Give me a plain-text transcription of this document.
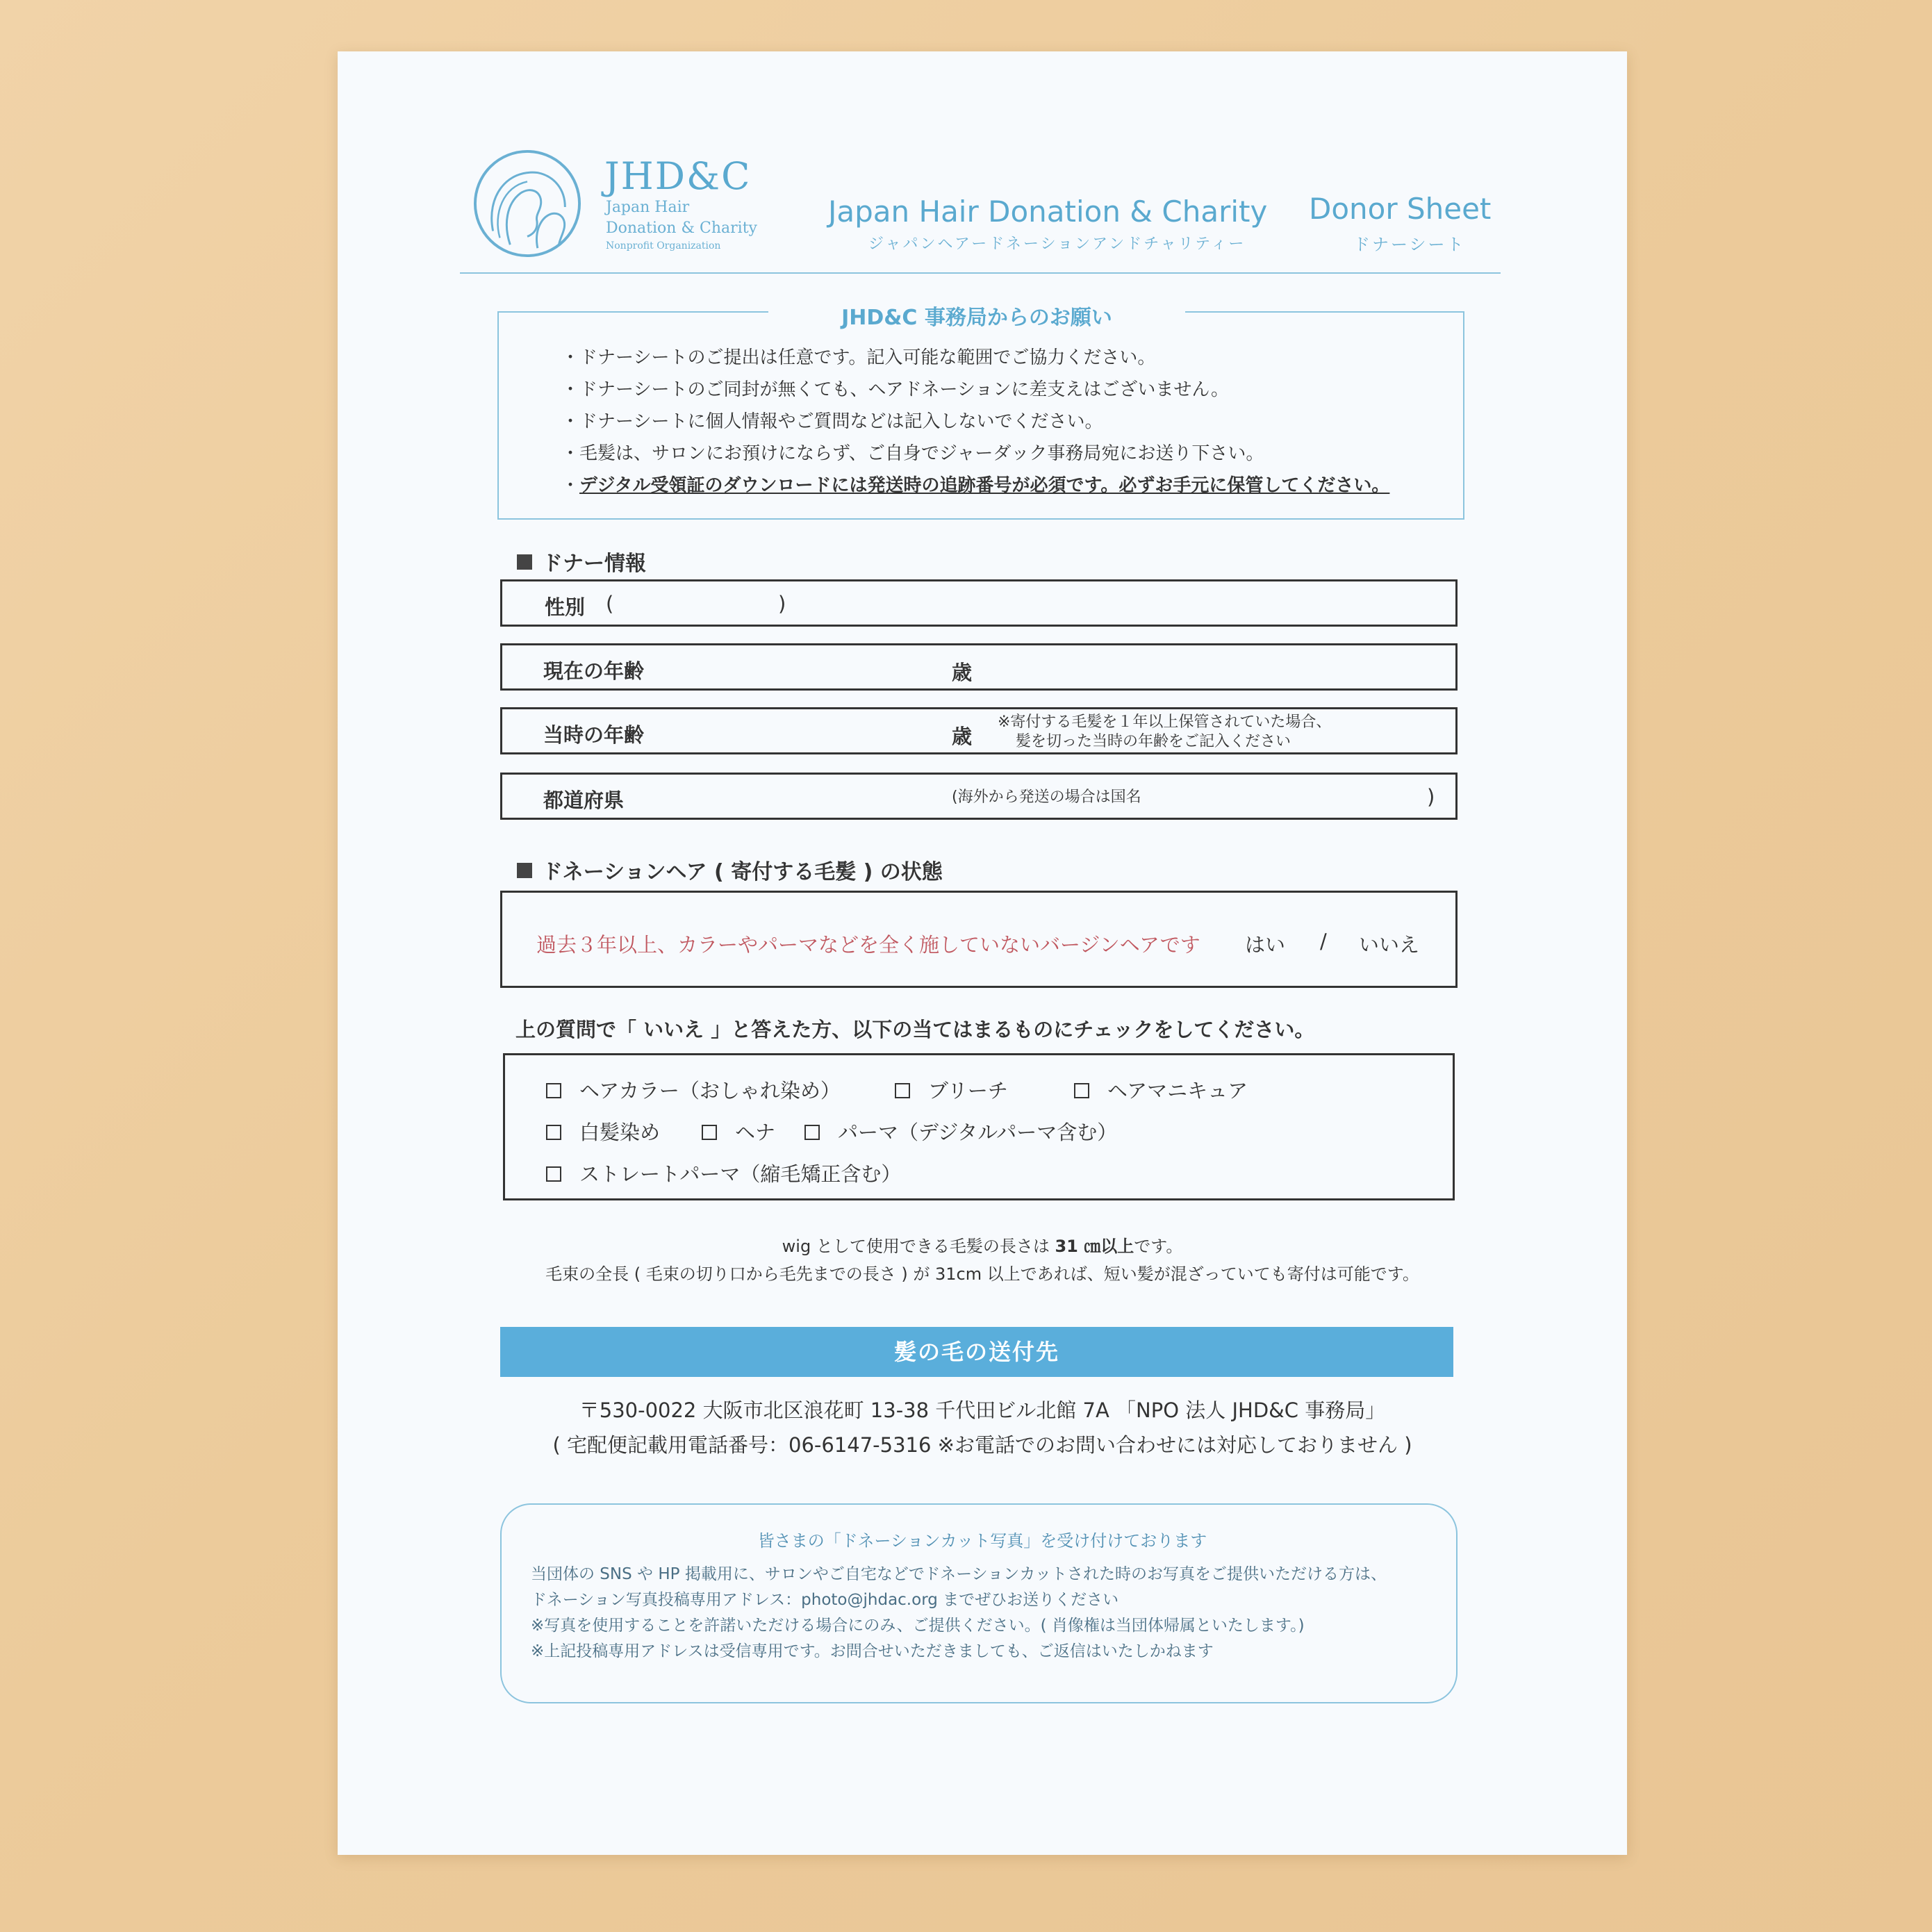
JHD&C
Japan Hair
Donation & Charity
Nonprofit Organization
Japan Hair Donation & Charity
ジャパンヘアードネーションアンドチャリティー
Donor Sheet
ドナーシート
JHD&C 事務局からのお願い
・ドナーシートのご提出は任意です。記入可能な範囲でご協力ください。
・ドナーシートのご同封が無くても、ヘアドネーションに差支えはございません。
・ドナーシートに個人情報やご質問などは記入しないでください。
・毛髪は、サロンにお預けにならず、ご自身でジャーダック事務局宛にお送り下さい。
・デジタル受領証のダウンロードには発送時の追跡番号が必須です。必ずお手元に保管してください。
ドナー情報
性別 (	)
現在の年齢	歳
当時の年齢	歳
※寄付する毛髪を１年以上保管されていた場合、
髪を切った当時の年齢をご記入ください
都道府県	(海外から発送の場合は国名	)
ドネーションヘア ( 寄付する毛髪 ) の状態
過去３年以上、カラーやパーマなどを全く施していないバージンヘアです はい / いいえ
上の質問で「 いいえ 」と答えた方、以下の当てはまるものにチェックをしてください。
ヘアカラー（おしゃれ染め）	ブリーチ	ヘアマニキュア
白髪染め	ヘナ	パーマ（デジタルパーマ含む）
ストレートパーマ（縮毛矯正含む）
wig として使用できる毛髪の長さは 31 ㎝以上です。
毛束の全長 ( 毛束の切り口から毛先までの長さ ) が 31cm 以上であれば、短い髪が混ざっていても寄付は可能です。
髪の毛の送付先
〒530-0022 大阪市北区浪花町 13-38 千代田ビル北館 7A 「NPO 法人 JHD&C 事務局」
( 宅配便記載用電話番号：06-6147-5316 ※お電話でのお問い合わせには対応しておりません )
皆さまの「ドネーションカット写真」を受け付けております
当団体の SNS や HP 掲載用に、サロンやご自宅などでドネーションカットされた時のお写真をご提供いただける方は、
ドネーション写真投稿専用アドレス：photo@jhdac.org までぜひお送りください
※写真を使用することを許諾いただける場合にのみ、ご提供ください。( 肖像権は当団体帰属といたします。)
※上記投稿専用アドレスは受信専用です。お問合せいただきましても、ご返信はいたしかねます
